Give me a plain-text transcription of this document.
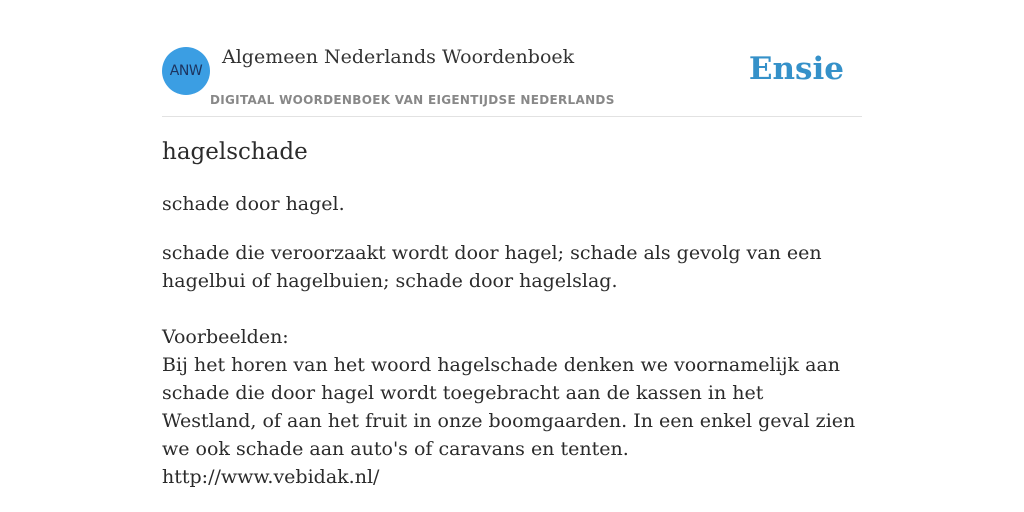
ANW
Algemeen Nederlands Woordenboek
DIGITAAL WOORDENBOEK VAN EIGENTIJDSE NEDERLANDS
Ensie
hagelschade
schade door hagel.

schade die veroorzaakt wordt door hagel; schade als gevolg van een hagelbui of hagelbuien; schade door hagelslag.

Voorbeelden:

Bij het horen van het woord hagelschade denken we voornamelijk aan schade die door hagel wordt toegebracht aan de kassen in het Westland, of aan het fruit in onze boomgaarden. In een enkel geval zien we ook schade aan auto's of caravans en tenten.

http://www.vebidak.nl/
